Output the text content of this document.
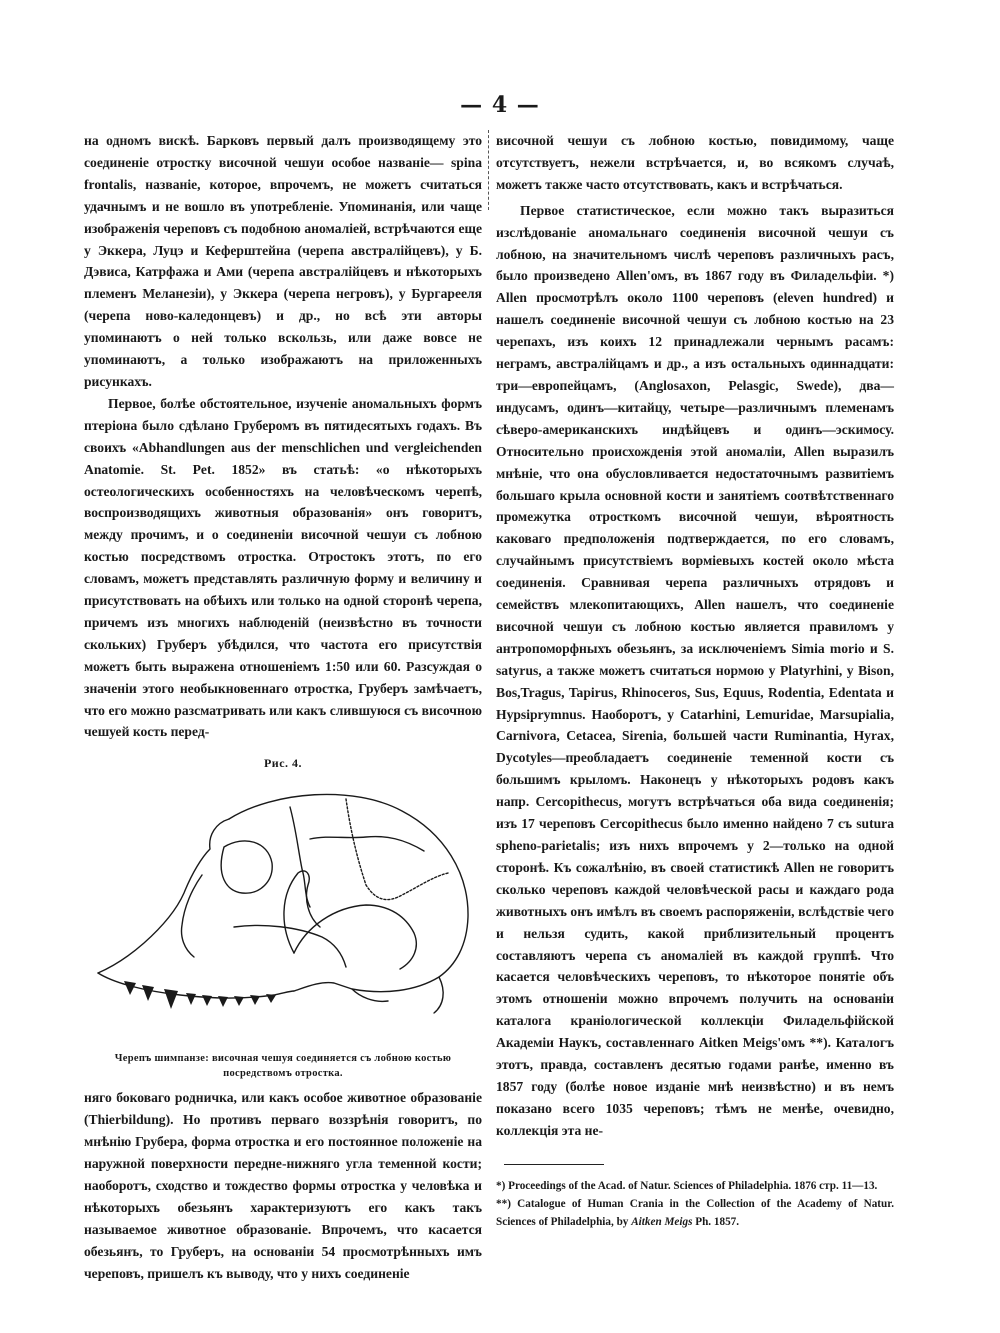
— 4 —

на одномъ вискѣ. Барковъ первый далъ производящему это соединеніе отростку височной чешуи особое названіе— spina frontalis, названіе, которое, впрочемъ, не можетъ считаться удачнымъ и не вошло въ употребленіе. Упоминанія, или чаще изображенія череповъ съ подобною аномаліей, встрѣчаются еще у Эккера, Луцэ и Кеферштейна (черепа австралійцевъ), у Б. Дэвиса, Катрфажа и Ами (черепа австралійцевъ и нѣкоторыхъ племенъ Меланезіи), у Эккера (черепа негровъ), у Бургарееля (черепа ново-каледонцевъ) и др., но всѣ эти авторы упоминаютъ о ней только вскользь, или даже вовсе не упоминаютъ, а только изображаютъ на приложенныхъ рисункахъ.

Первое, болѣе обстоятельное, изученіе аномальныхъ формъ птеріона было сдѣлано Груберомъ въ пятидесятыхъ годахъ. Въ своихъ «Abhandlungen aus der menschlichen und vergleichenden Anatomie. St. Pet. 1852» въ статьѣ: «о нѣкоторыхъ остеологическихъ особенностяхъ на человѣческомъ черепѣ, воспроизводящихъ животныя образованія» онъ говоритъ, между прочимъ, и о соединеніи височной чешуи съ лобною костью посредствомъ отростка. Отростокъ этотъ, по его словамъ, можетъ представлять различную форму и величину и присутствовать на обѣихъ или только на одной сторонѣ черепа, причемъ изъ многихъ наблюденій (неизвѣстно въ точности скольких) Груберъ убѣдился, что частота его присутствія можетъ быть выражена отношеніемъ 1:50 или 60. Разсуждая о значеніи этого необыкновеннаго отростка, Груберъ замѣчаетъ, что его можно разсматривать или какъ слившуюся съ височною чешуей кость перед-

Рис. 4.
Черепъ шимпанзе: височная чешуя соединяется съ лобною костью посредствомъ отростка.

няго боковаго родничка, или какъ особое животное образованіе (Thierbildung). Но противъ перваго воззрѣнія говоритъ, по мнѣнію Грубера, форма отростка и его постоянное положеніе на наружной поверхности передне-нижняго угла теменной кости; наоборотъ, сходство и тождество формы отростка у человѣка и нѣкоторыхъ обезьянъ характеризуютъ его какъ такъ называемое животное образованіе. Впрочемъ, что касается обезьянъ, то Груберъ, на основаніи 54 просмотрѣнныхъ имъ череповъ, пришелъ къ выводу, что у нихъ соединеніе

височной чешуи съ лобною костью, повидимому, чаще отсутствуетъ, нежели встрѣчается, и, во всякомъ случаѣ, можетъ также часто отсутствовать, какъ и встрѣчаться.

Первое статистическое, если можно такъ выразиться изслѣдованіе аномальнаго соединенія височной чешуи съ лобною, на значительномъ числѣ череповъ различныхъ расъ, было произведено Allen'омъ, въ 1867 году въ Филадельфіи. *) Allen просмотрѣлъ около 1100 череповъ (eleven hundred) и нашелъ соединеніе височной чешуи съ лобною костью на 23 черепахъ, изъ коихъ 12 принадлежали чернымъ расамъ: неграмъ, австралійцамъ и др., а изъ остальныхъ одиннадцати: три—европейцамъ, (Anglosaxon, Pelasgic, Swede), два—индусамъ, одинъ—китайцу, четыре—различнымъ племенамъ сѣверо-американскихъ индѣйцевъ и одинъ—эскимосу. Относительно происхожденія этой аномаліи, Allen выразилъ мнѣніе, что она обусловливается недостаточнымъ развитіемъ большаго крыла основной кости и занятіемъ соотвѣтственнаго промежутка отросткомъ височной чешуи, вѣроятность каковаго предположенія подтверждается, по его словамъ, случайнымъ присутствіемъ ворміевыхъ костей около мѣста соединенія. Сравнивая черепа различныхъ отрядовъ и семействъ млекопитающихъ, Allen нашелъ, что соединеніе височной чешуи съ лобною костью является правиломъ у антропоморфныхъ обезьянъ, за исключеніемъ Simia morio и S. satyrus, а также можетъ считаться нормою у Platyrhini, у Bison, Bos,Tragus, Tapirus, Rhinoceros, Sus, Equus, Rodentia, Edentata и Hypsiprymnus. Наоборотъ, у Catarhini, Lemuridae, Marsupialia, Carnivora, Cetacea, Sirenia, большей части Ruminantia, Hyrax, Dycotyles—преобладаетъ соединеніе теменной кости съ большимъ крыломъ. Наконецъ у нѣкоторыхъ родовъ какъ напр. Cercopithecus, могутъ встрѣчаться оба вида соединенія; изъ 17 череповъ Cercopithecus было именно найдено 7 съ sutura spheno-parietalis; изъ нихъ впрочемъ у 2—только на одной сторонѣ. Къ сожалѣнію, въ своей статистикѣ Allen не говоритъ сколько череповъ каждой человѣческой расы и каждаго рода животныхъ онъ имѣлъ въ своемъ распоряженіи, вслѣдствіе чего и нельзя судить, какой приблизительный процентъ составляютъ черепа съ аномаліей въ каждой группѣ. Что касается человѣческихъ череповъ, то нѣкоторое понятіе объ этомъ отношеніи можно впрочемъ получить на основаніи каталога краніологической коллекціи Филадельфійской Академіи Наукъ, составленнаго Aitken Meigs'омъ **). Каталогъ этотъ, правда, составленъ десятью годами ранѣе, именно въ 1857 году (болѣе новое изданіе мнѣ неизвѣстно) и въ немъ показано всего 1035 череповъ; тѣмъ не менѣе, очевидно, коллекція эта не-

*) Proceedings of the Acad. of Natur. Sciences of Philadelphia. 1876 стр. 11—13.

**) Catalogue of Human Crania in the Collection of the Academy of Natur. Sciences of Philadelphia, by Aitken Meigs Ph. 1857.
